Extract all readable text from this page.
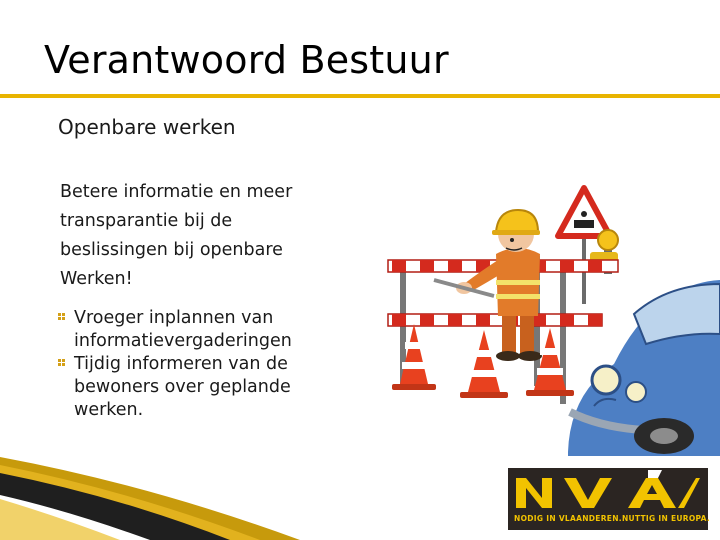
Verantwoord Bestuur
Openbare werken
Betere informatie en meer
transparantie bij de
beslissingen bij openbare
Werken!
Vroeger inplannen van
informatievergaderingen
Tijdig informeren van de
bewoners over geplande
werken.
NODIG IN VLAANDEREN.NUTTIG IN EUROPA.
